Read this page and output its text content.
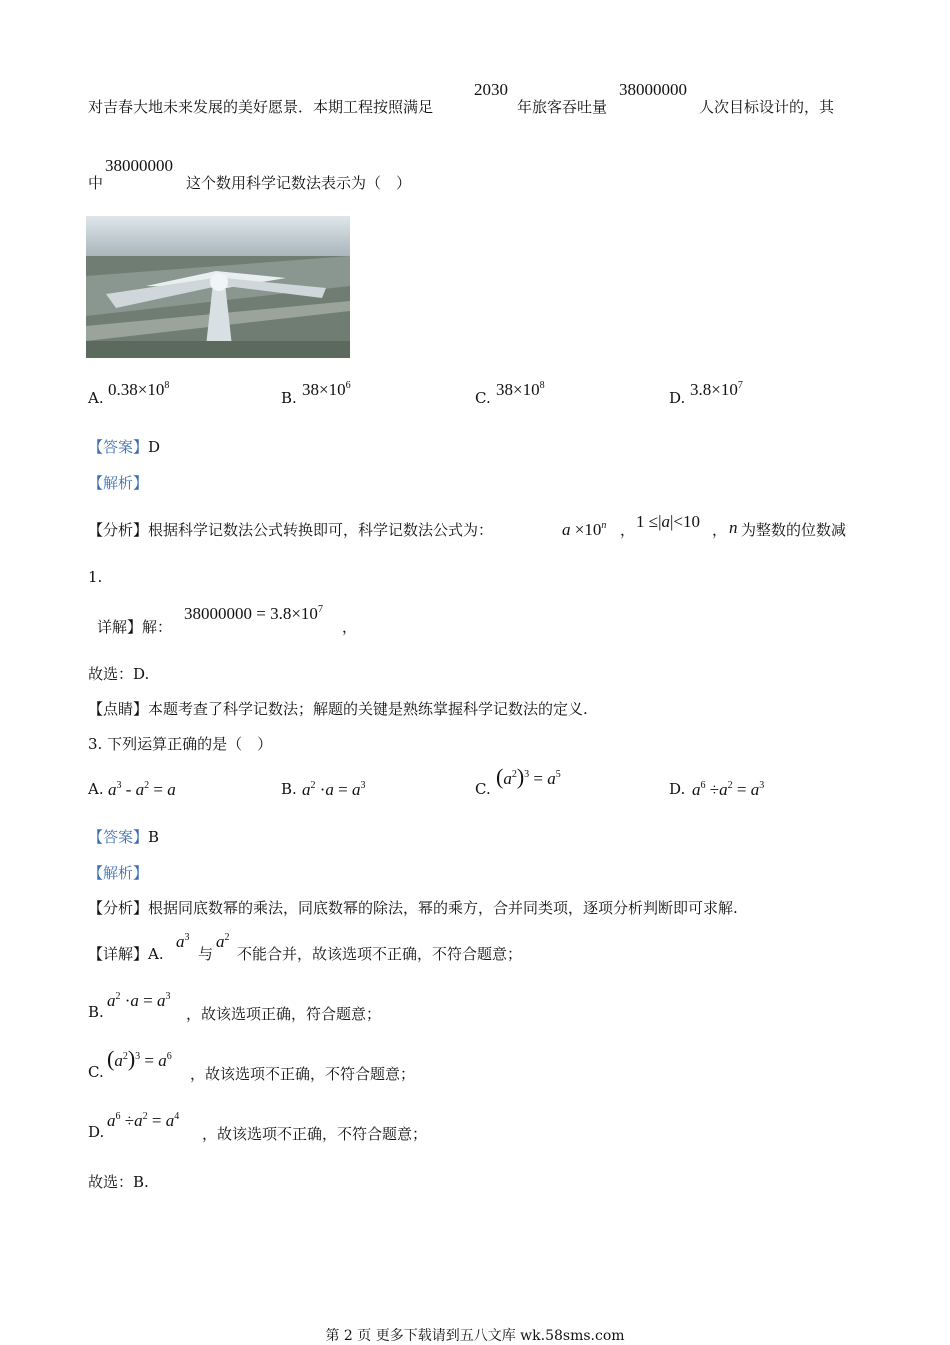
对吉春大地未来发展的美好愿景．本期工程按照满足
2030
年旅客吞吐量
38000000
人次目标设计的，其
中
38000000
这个数用科学记数法表示为（　）
A. $0.38\times 10^8$
B. $38\times 10^6$
C. $38\times 10^8$
D. $3.8\times 10^7$
【答案】D
【解析】
【分析】根据科学记数法公式转换即可，科学记数法公式为：	$a \times 10^n$ ， 1 ≤|a|<10 ， n 为整数的位数减
1.
详解】解：
$38000000 = 3.8\times 10^7$
，
故选：D.
【点睛】本题考查了科学记数法；解题的关键是熟练掌握科学记数法的定义.
3. 下列运算正确的是（　）
A. $a^3 - a^2 = a$	B. $a^2 \cdot a = a^3$	C. $(a^2)^3 = a^5$
D. $a^6 \div a^2 = a^3$
【答案】B
【解析】
【分析】根据同底数幂的乘法，同底数幂的除法，幂的乘方，合并同类项，逐项分析判断即可求解.
【详解】A.
$a^3$
与
$a^2$
不能合并，故该选项不正确，不符合题意；
B.
$a^2 \cdot a = a^3$
，故该选项正确，符合题意；
C.
$(a^2)^3 = a^6$
，故该选项不正确，不符合题意；
D.
$a^6 \div a^2 = a^4$
，故该选项不正确，不符合题意；
故选：B.
第 2 页 更多下载请到五八文库 wk.58sms.com
